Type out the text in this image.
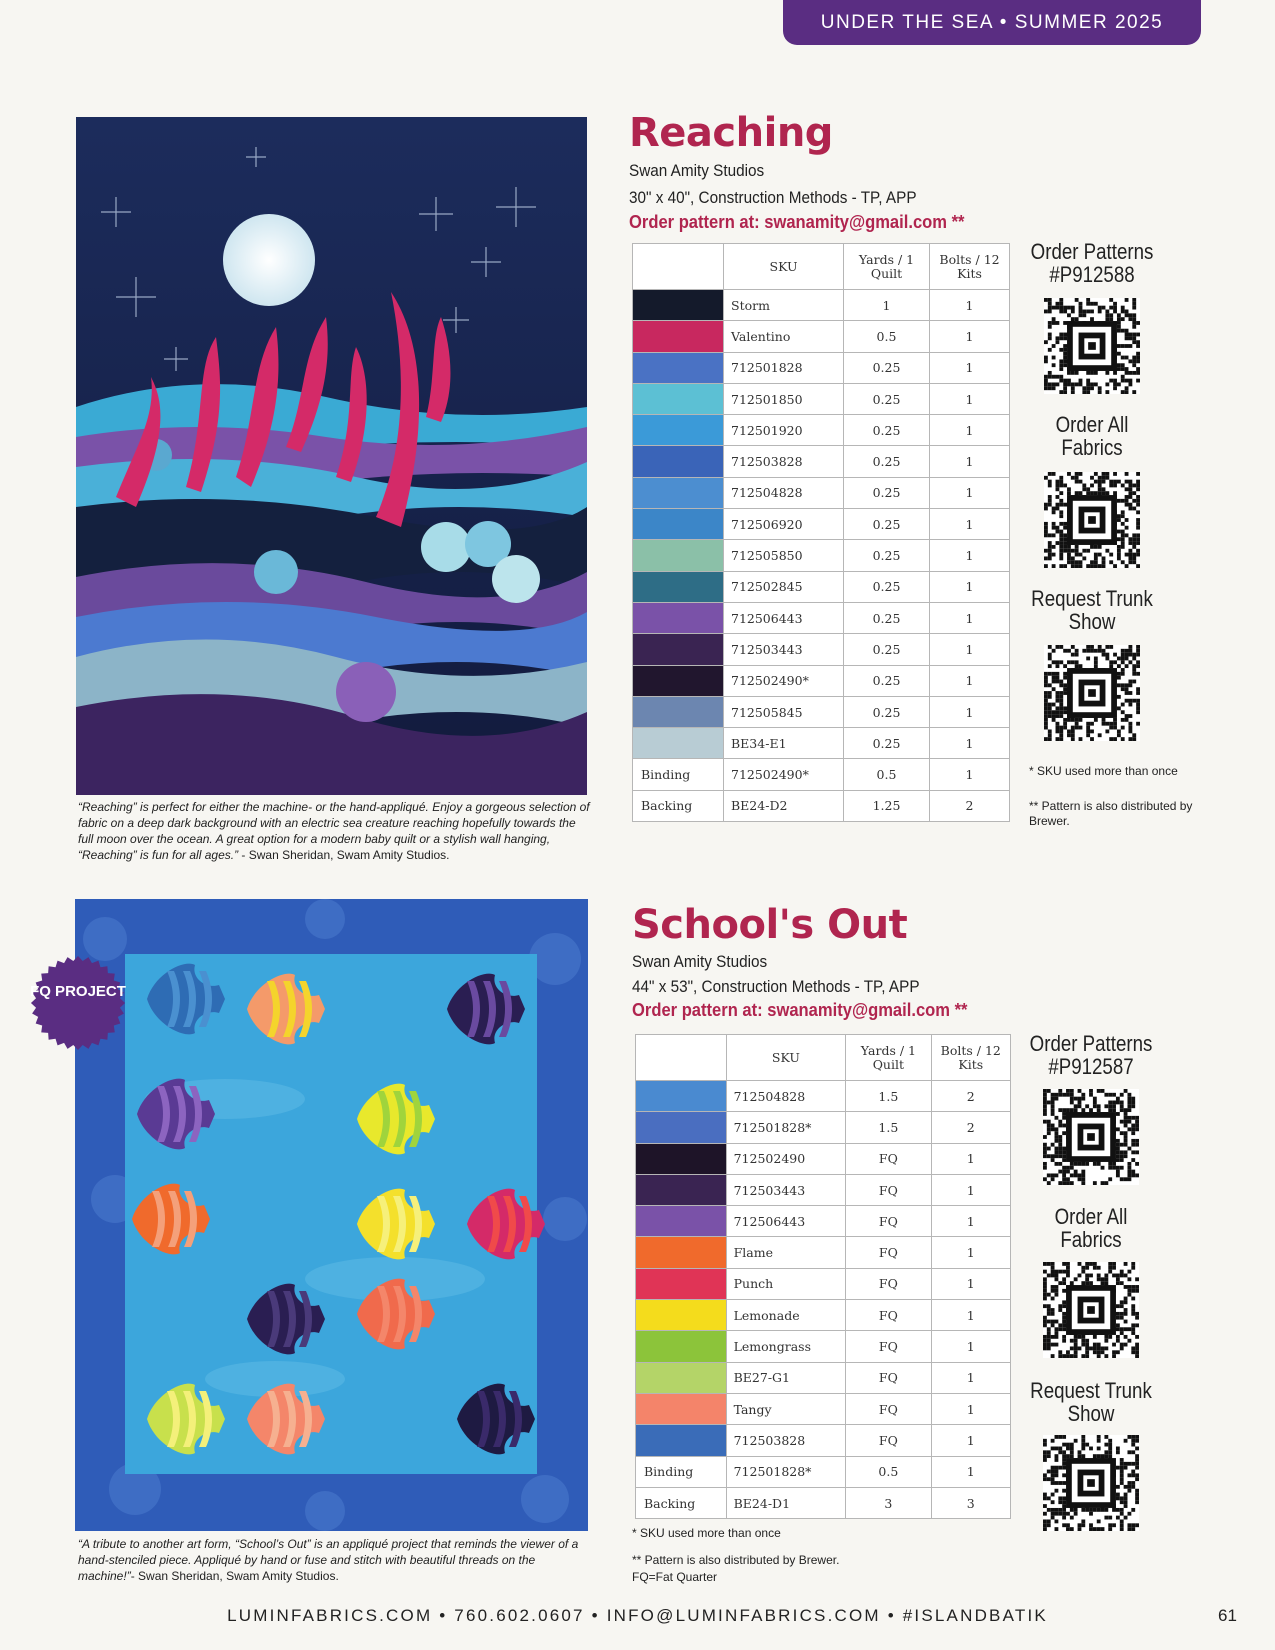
UNDER THE SEA • SUMMER 2025
“Reaching” is perfect for either the machine- or the hand-appliqué. Enjoy a gorgeous selection of fabric on a deep dark background with an electric sea creature reaching hopefully towards the full moon over the ocean. A great option for a modern baby quilt or a stylish wall hanging, “Reaching” is fun for all ages.” - Swan Sheridan, Swam Amity Studios.
Reaching
Swan Amity Studios
30" x 40", Construction Methods - TP, APP
Order pattern at: swanamity@gmail.com **
	SKU	Yards / 1 Quilt	Bolts / 12 Kits
	Storm	1	1
	Valentino	0.5	1
	712501828	0.25	1
	712501850	0.25	1
	712501920	0.25	1
	712503828	0.25	1
	712504828	0.25	1
	712506920	0.25	1
	712505850	0.25	1
	712502845	0.25	1
	712506443	0.25	1
	712503443	0.25	1
	712502490*	0.25	1
	712505845	0.25	1
	BE34-E1	0.25	1
Binding	712502490*	0.5	1
Backing	BE24-D2	1.25	2
Order Patterns #P912588
Order All Fabrics
Request Trunk Show
* SKU used more than once
** Pattern is also distributed by Brewer.
FQ PROJECT
“A tribute to another art form, “School’s Out” is an appliqué project that reminds the viewer of a hand-stenciled piece. Appliqué by hand or fuse and stitch with beautiful threads on the machine!”- Swan Sheridan, Swam Amity Studios.
School's Out
Swan Amity Studios
44" x 53", Construction Methods - TP, APP
Order pattern at: swanamity@gmail.com **
	SKU	Yards / 1 Quilt	Bolts / 12 Kits
	712504828	1.5	2
	712501828*	1.5	2
	712502490	FQ	1
	712503443	FQ	1
	712506443	FQ	1
	Flame	FQ	1
	Punch	FQ	1
	Lemonade	FQ	1
	Lemongrass	FQ	1
	BE27-G1	FQ	1
	Tangy	FQ	1
	712503828	FQ	1
Binding	712501828*	0.5	1
Backing	BE24-D1	3	3
Order Patterns #P912587
Order All Fabrics
Request Trunk Show
* SKU used more than once
** Pattern is also distributed by Brewer.
FQ=Fat Quarter
LUMINFABRICS.COM • 760.602.0607 • INFO@LUMINFABRICS.COM • #ISLANDBATIK	61
